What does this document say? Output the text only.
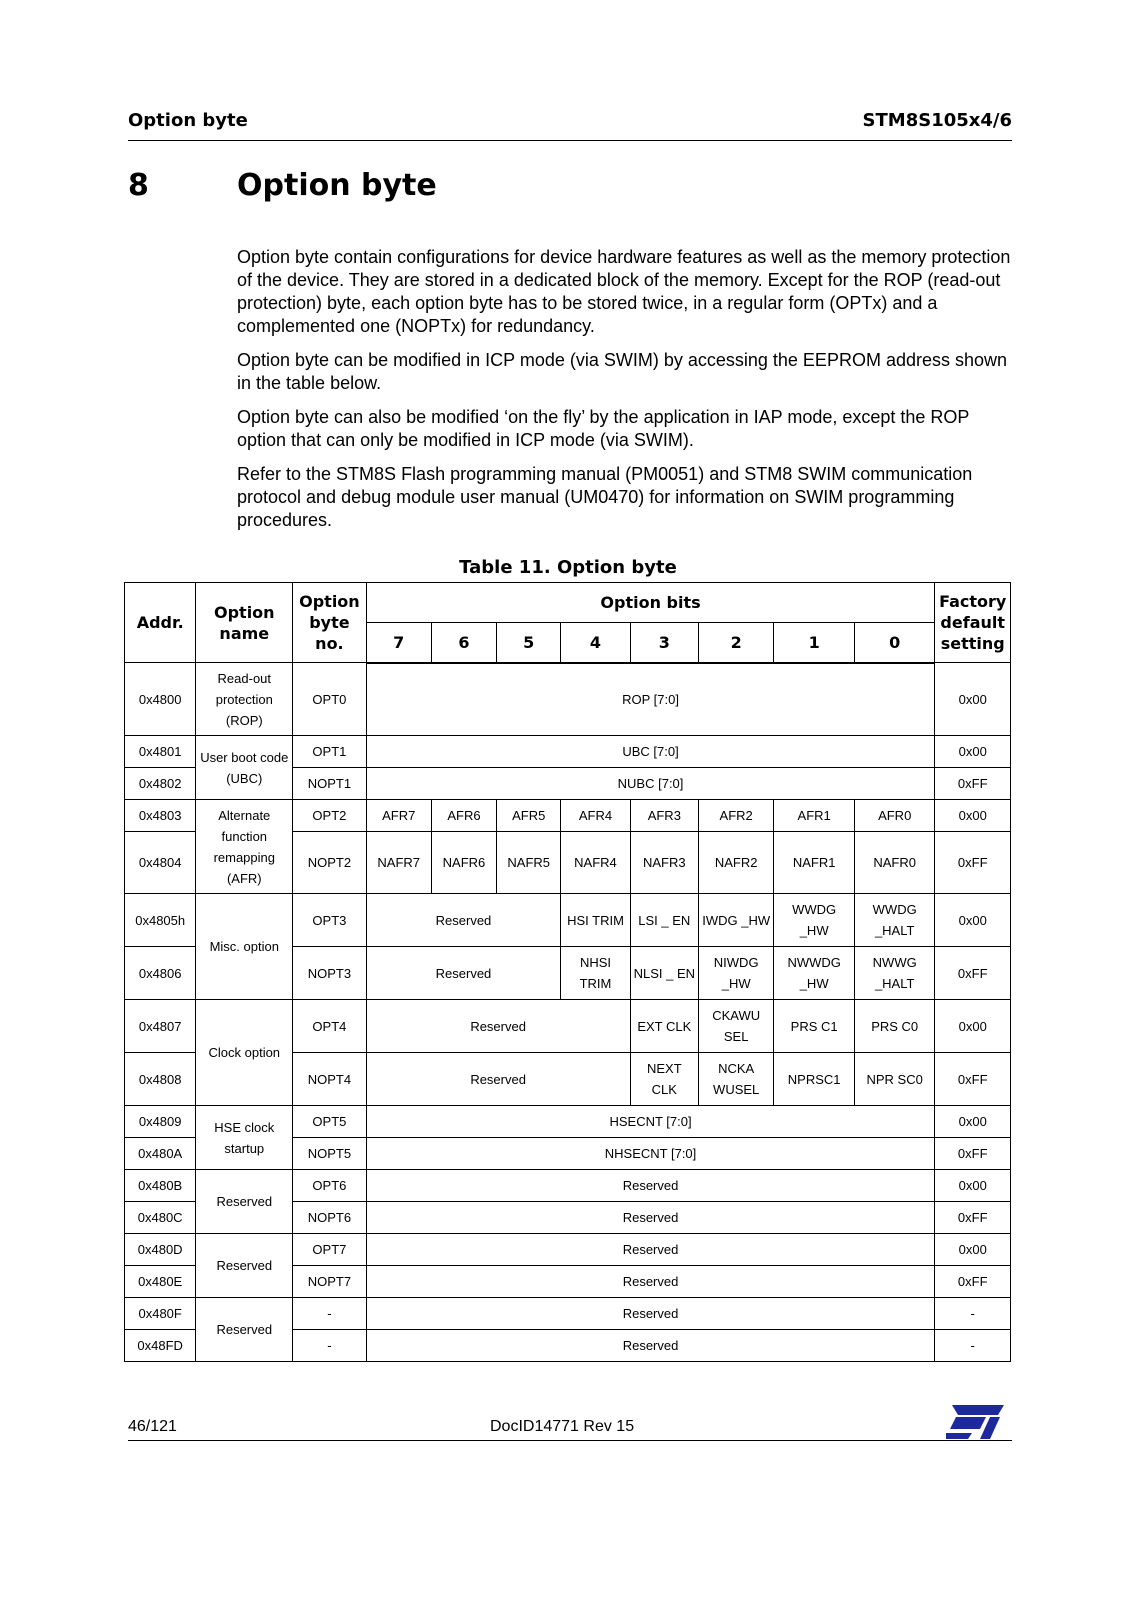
Option byte	STM8S105x4/6
8	Option byte

Option byte contain configurations for device hardware features as well as the memory protection of the device. They are stored in a dedicated block of the memory. Except for the ROP (read-out protection) byte, each option byte has to be stored twice, in a regular form (OPTx) and a complemented one (NOPTx) for redundancy.

Option byte can be modified in ICP mode (via SWIM) by accessing the EEPROM address shown in the table below.

Option byte can also be modified ‘on the fly’ by the application in IAP mode, except the ROP option that can only be modified in ICP mode (via SWIM).

Refer to the STM8S Flash programming manual (PM0051) and STM8 SWIM communication protocol and debug module user manual (UM0470) for information on SWIM programming procedures.

Table 11. Option byte
Addr.	Option name	Option byte no.	Option bits								Factory default setting
			7	6	5	4	3	2	1	0	
0x4800	Read-out protection (ROP)	OPT0	ROP [7:0]								0x00
0x4801	User boot code (UBC)	OPT1	UBC [7:0]								0x00
0x4802		NOPT1	NUBC [7:0]								0xFF
0x4803	Alternate function remapping (AFR)	OPT2	AFR7	AFR6	AFR5	AFR4	AFR3	AFR2	AFR1	AFR0	0x00
0x4804		NOPT2	NAFR7	NAFR6	NAFR5	NAFR4	NAFR3	NAFR2	NAFR1	NAFR0	0xFF
0x4805h	Misc. option	OPT3	Reserved			HSI TRIM	LSI _ EN	IWDG _HW	WWDG _HW	WWDG _HALT	0x00
0x4806		NOPT3	Reserved			NHSI TRIM	NLSI _ EN	NIWDG _HW	NWWDG _HW	NWWG _HALT	0xFF
0x4807	Clock option	OPT4	Reserved				EXT CLK	CKAWU SEL	PRS C1	PRS C0	0x00
0x4808		NOPT4	Reserved				NEXT CLK	NCKA WUSEL	NPRSC1	NPR SC0	0xFF
0x4809	HSE clock startup	OPT5	HSECNT [7:0]								0x00
0x480A		NOPT5	NHSECNT [7:0]								0xFF
0x480B	Reserved	OPT6	Reserved								0x00
0x480C		NOPT6	Reserved								0xFF
0x480D	Reserved	OPT7	Reserved								0x00
0x480E		NOPT7	Reserved								0xFF
0x480F	Reserved	-	Reserved								-
0x48FD		-	Reserved								-
46/121	DocID14771 Rev 15
